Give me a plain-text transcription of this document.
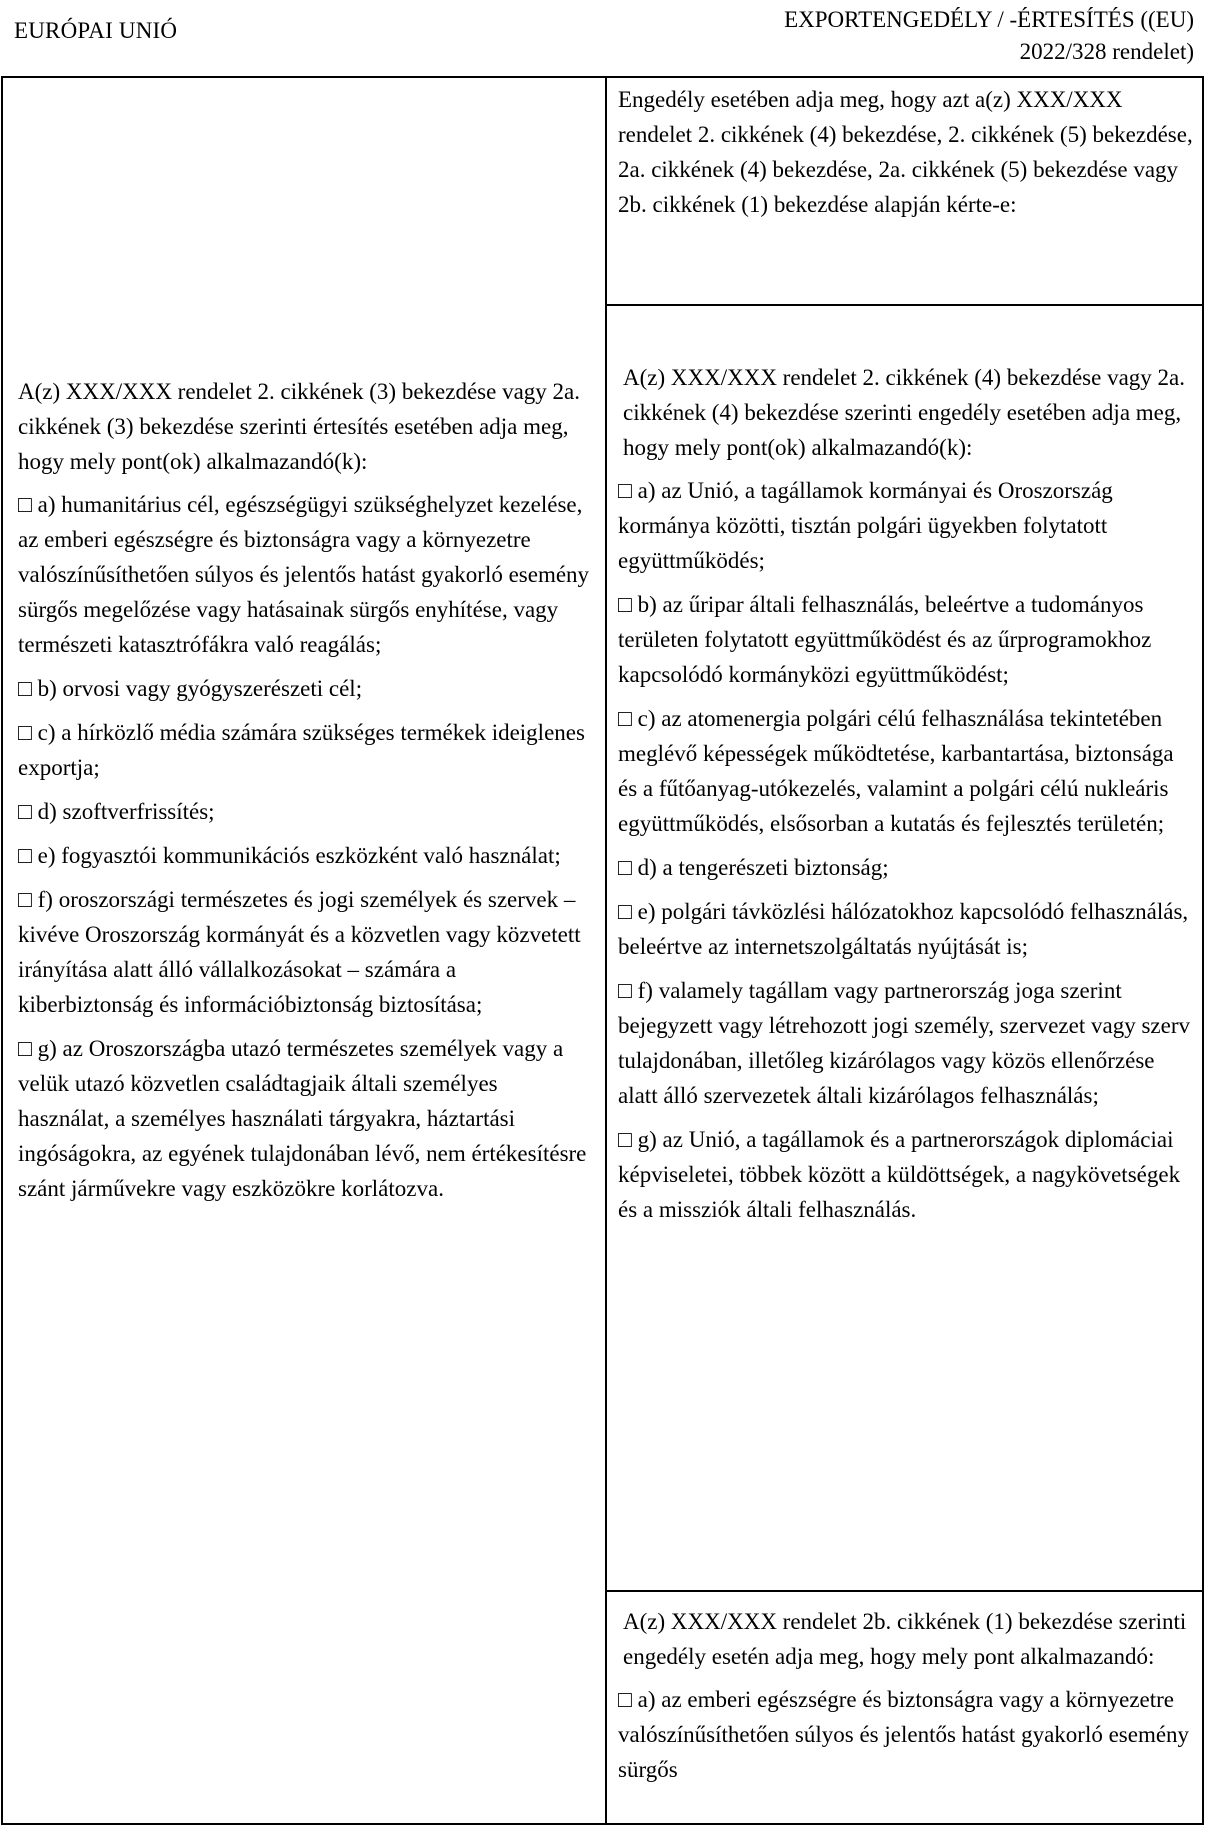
EURÓPAI UNIÓ	EXPORTENGEDÉLY / -ÉRTESÍTÉS ((EU)
2022/328 rendelet)

Engedély esetében adja meg, hogy azt a(z) XXX/XXX rendelet 2. cikkének (4) bekezdése, 2. cikkének (5) bekezdése, 2a. cikkének (4) bekezdése, 2a. cikkének (5) bekezdése vagy 2b. cikkének (1) bekezdése alapján kérte-e:

A(z) XXX/XXX rendelet 2. cikkének (3) bekezdése vagy 2a. cikkének (3) bekezdése szerinti értesítés esetében adja meg, hogy mely pont(ok) alkalmazandó(k):

□ a) humanitárius cél, egészségügyi szükséghelyzet kezelése, az emberi egészségre és biztonságra vagy a környezetre valószínűsíthetően súlyos és jelentős hatást gyakorló esemény sürgős megelőzése vagy hatásainak sürgős enyhítése, vagy természeti katasztrófákra való reagálás;

□ b) orvosi vagy gyógyszerészeti cél;

□ c) a hírközlő média számára szükséges termékek ideiglenes exportja;

□ d) szoftverfrissítés;

□ e) fogyasztói kommunikációs eszközként való használat;

□ f) oroszországi természetes és jogi személyek és szervek – kivéve Oroszország kormányát és a közvetlen vagy közvetett irányítása alatt álló vállalkozásokat – számára a kiberbiztonság és információbiztonság biztosítása;

□ g) az Oroszországba utazó természetes személyek vagy a velük utazó közvetlen családtagjaik általi személyes használat, a személyes használati tárgyakra, háztartási ingóságokra, az egyének tulajdonában lévő, nem értékesítésre szánt járművekre vagy eszközökre korlátozva.

A(z) XXX/XXX rendelet 2. cikkének (4) bekezdése vagy 2a. cikkének (4) bekezdése szerinti engedély esetében adja meg, hogy mely pont(ok) alkalmazandó(k):

□ a) az Unió, a tagállamok kormányai és Oroszország kormánya közötti, tisztán polgári ügyekben folytatott együttműködés;

□ b) az űripar általi felhasználás, beleértve a tudományos területen folytatott együttműködést és az űrprogramokhoz kapcsolódó kormányközi együttműködést;

□ c) az atomenergia polgári célú felhasználása tekintetében meglévő képességek működtetése, karbantartása, biztonsága és a fűtőanyag-utókezelés, valamint a polgári célú nukleáris együttműködés, elsősorban a kutatás és fejlesztés területén;

□ d) a tengerészeti biztonság;

□ e) polgári távközlési hálózatokhoz kapcsolódó felhasználás, beleértve az internetszolgáltatás nyújtását is;

□ f) valamely tagállam vagy partnerország joga szerint bejegyzett vagy létrehozott jogi személy, szervezet vagy szerv tulajdonában, illetőleg kizárólagos vagy közös ellenőrzése alatt álló szervezetek általi kizárólagos felhasználás;

□ g) az Unió, a tagállamok és a partnerországok diplomáciai képviseletei, többek között a küldöttségek, a nagykövetségek és a missziók általi felhasználás.

A(z) XXX/XXX rendelet 2b. cikkének (1) bekezdése szerinti engedély esetén adja meg, hogy mely pont alkalmazandó:

□ a) az emberi egészségre és biztonságra vagy a környezetre valószínűsíthetően súlyos és jelentős hatást gyakorló esemény sürgős
